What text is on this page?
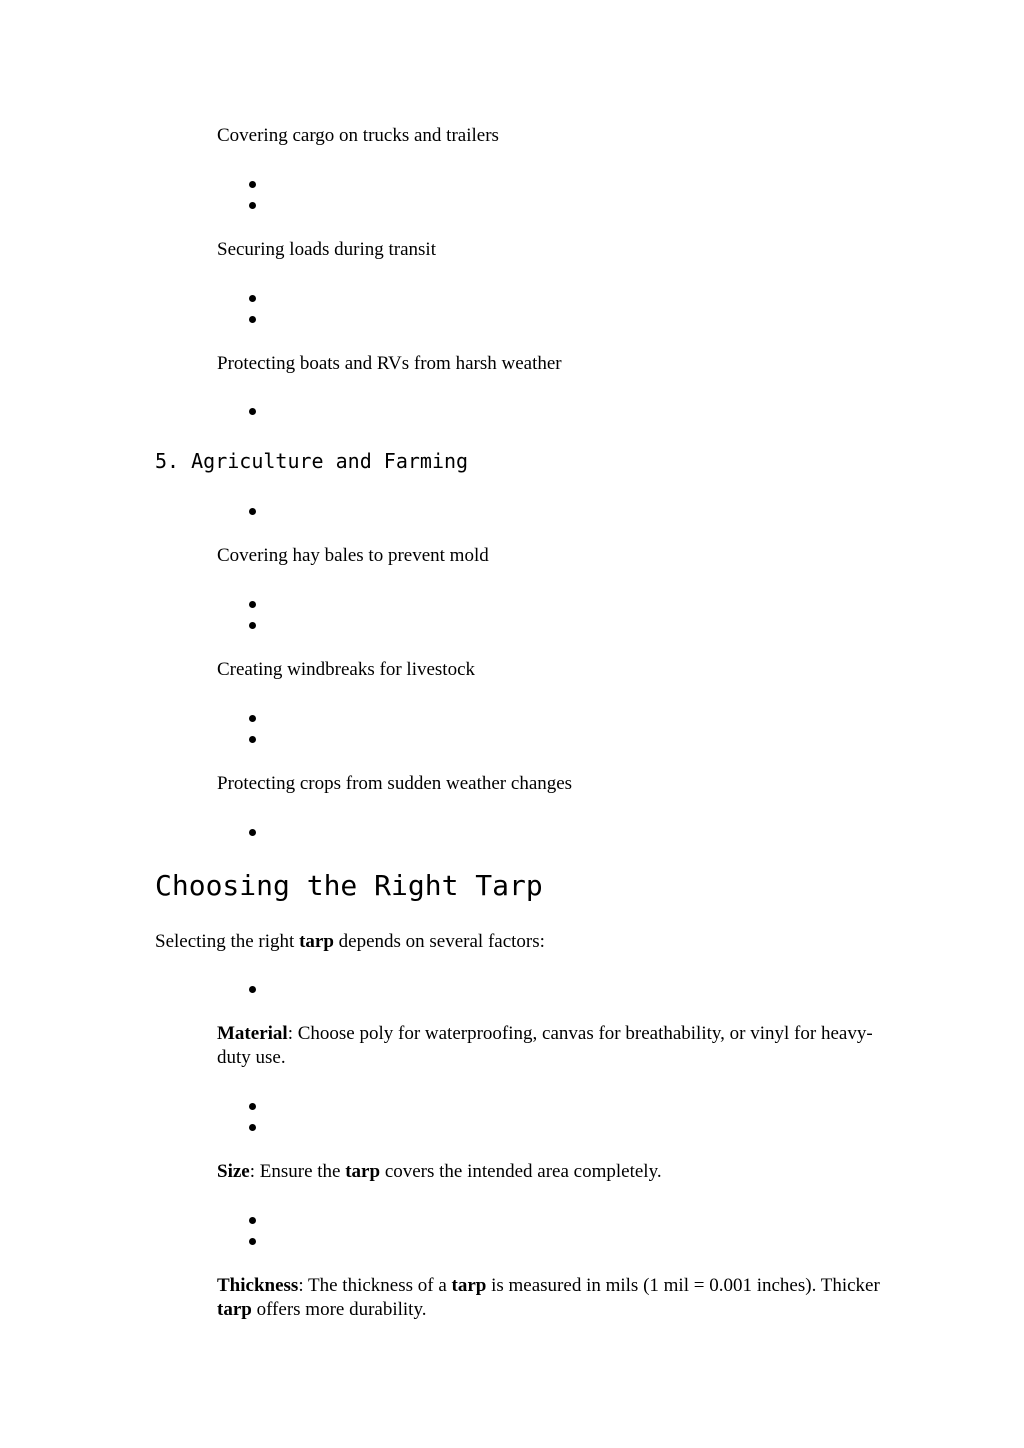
Covering cargo on trucks and trailers
Securing loads during transit
Protecting boats and RVs from harsh weather
5. Agriculture and Farming
Covering hay bales to prevent mold
Creating windbreaks for livestock
Protecting crops from sudden weather changes
Choosing the Right Tarp
Selecting the right tarp depends on several factors:
Material: Choose poly for waterproofing, canvas for breathability, or vinyl for heavy-duty use.
Size: Ensure the tarp covers the intended area completely.
Thickness: The thickness of a tarp is measured in mils (1 mil = 0.001 inches). Thicker tarp offers more durability.
